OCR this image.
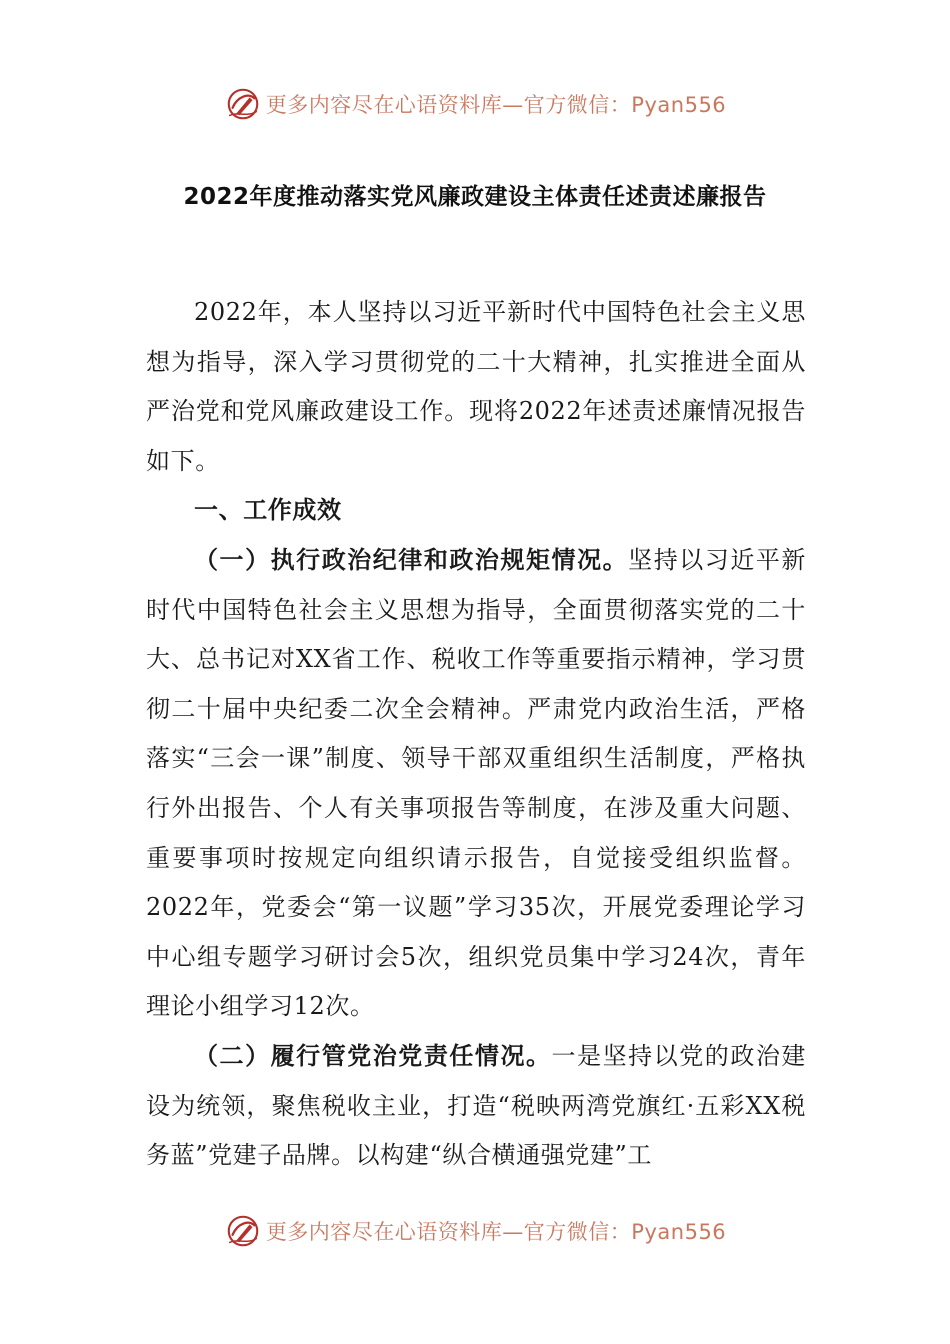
更多内容尽在心语资料库—官方微信：Pyan556
2022年度推动落实党风廉政建设主体责任述责述廉报告

2022年，本人坚持以习近平新时代中国特色社会主义思想为指导，深入学习贯彻党的二十大精神，扎实推进全面从严治党和党风廉政建设工作。现将2022年述责述廉情况报告如下。

一、工作成效

（一）执行政治纪律和政治规矩情况。坚持以习近平新时代中国特色社会主义思想为指导，全面贯彻落实党的二十大、总书记对XX省工作、税收工作等重要指示精神，学习贯彻二十届中央纪委二次全会精神。严肃党内政治生活，严格落实“三会一课”制度、领导干部双重组织生活制度，严格执行外出报告、个人有关事项报告等制度，在涉及重大问题、重要事项时按规定向组织请示报告，自觉接受组织监督。2022年，党委会“第一议题”学习35次，开展党委理论学习中心组专题学习研讨会5次，组织党员集中学习24次，青年理论小组学习12次。

（二）履行管党治党责任情况。一是坚持以党的政治建设为统领，聚焦税收主业，打造“税映两湾党旗红·五彩XX税务蓝”党建子品牌。以构建“纵合横通强党建”工

更多内容尽在心语资料库—官方微信：Pyan556
